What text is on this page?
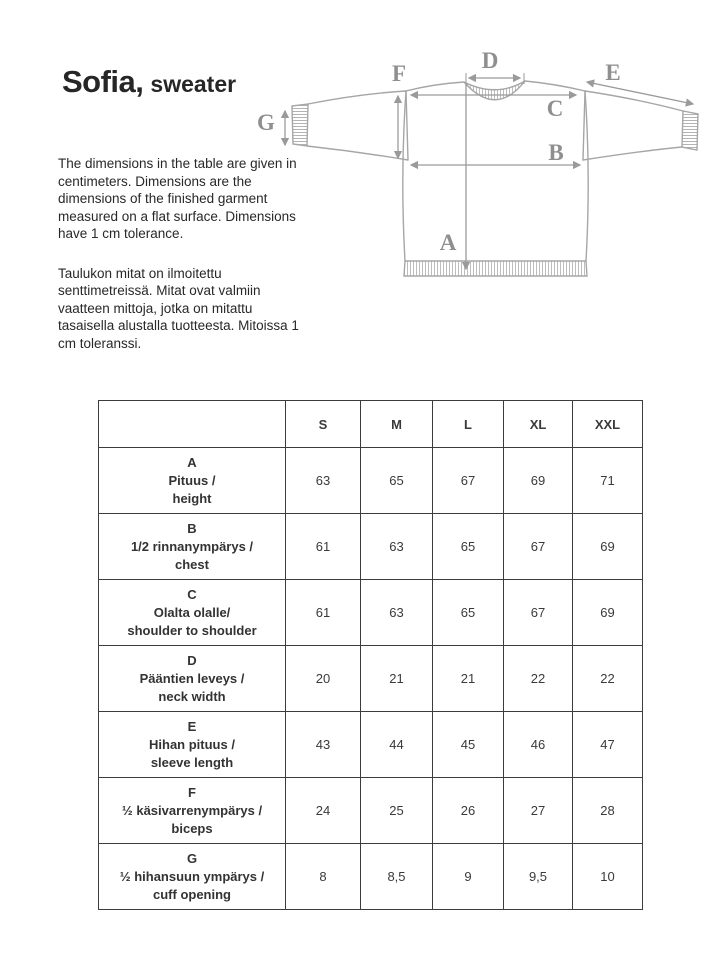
Sofia, sweater

The dimensions in the table are given in centimeters. Dimensions are the dimensions of the finished garment measured on a flat surface. Dimensions have 1 cm tolerance.

Taulukon mitat on ilmoitettu senttimetreissä. Mitat ovat valmiin vaatteen mittoja, jotka on mitattu tasaisella alustalla tuotteesta. Mitoissa 1 cm toleranssi.

A
B
C
D	E
F
G
	S	M	L	XL	XXL

A
Pituus /
height	63	65	67	69	71

B
1/2 rinnanympärys /
chest	61	63	65	67	69

C
Olalta olalle/
shoulder to shoulder	61	63	65	67	69

D
Pääntien leveys /
neck width	20	21	21	22	22

E
Hihan pituus /
sleeve length	43	44	45	46	47

F
½ käsivarrenympärys /
biceps	24	25	26	27	28

G
½ hihansuun ympärys /
cuff opening	8	8,5	9	9,5	10
